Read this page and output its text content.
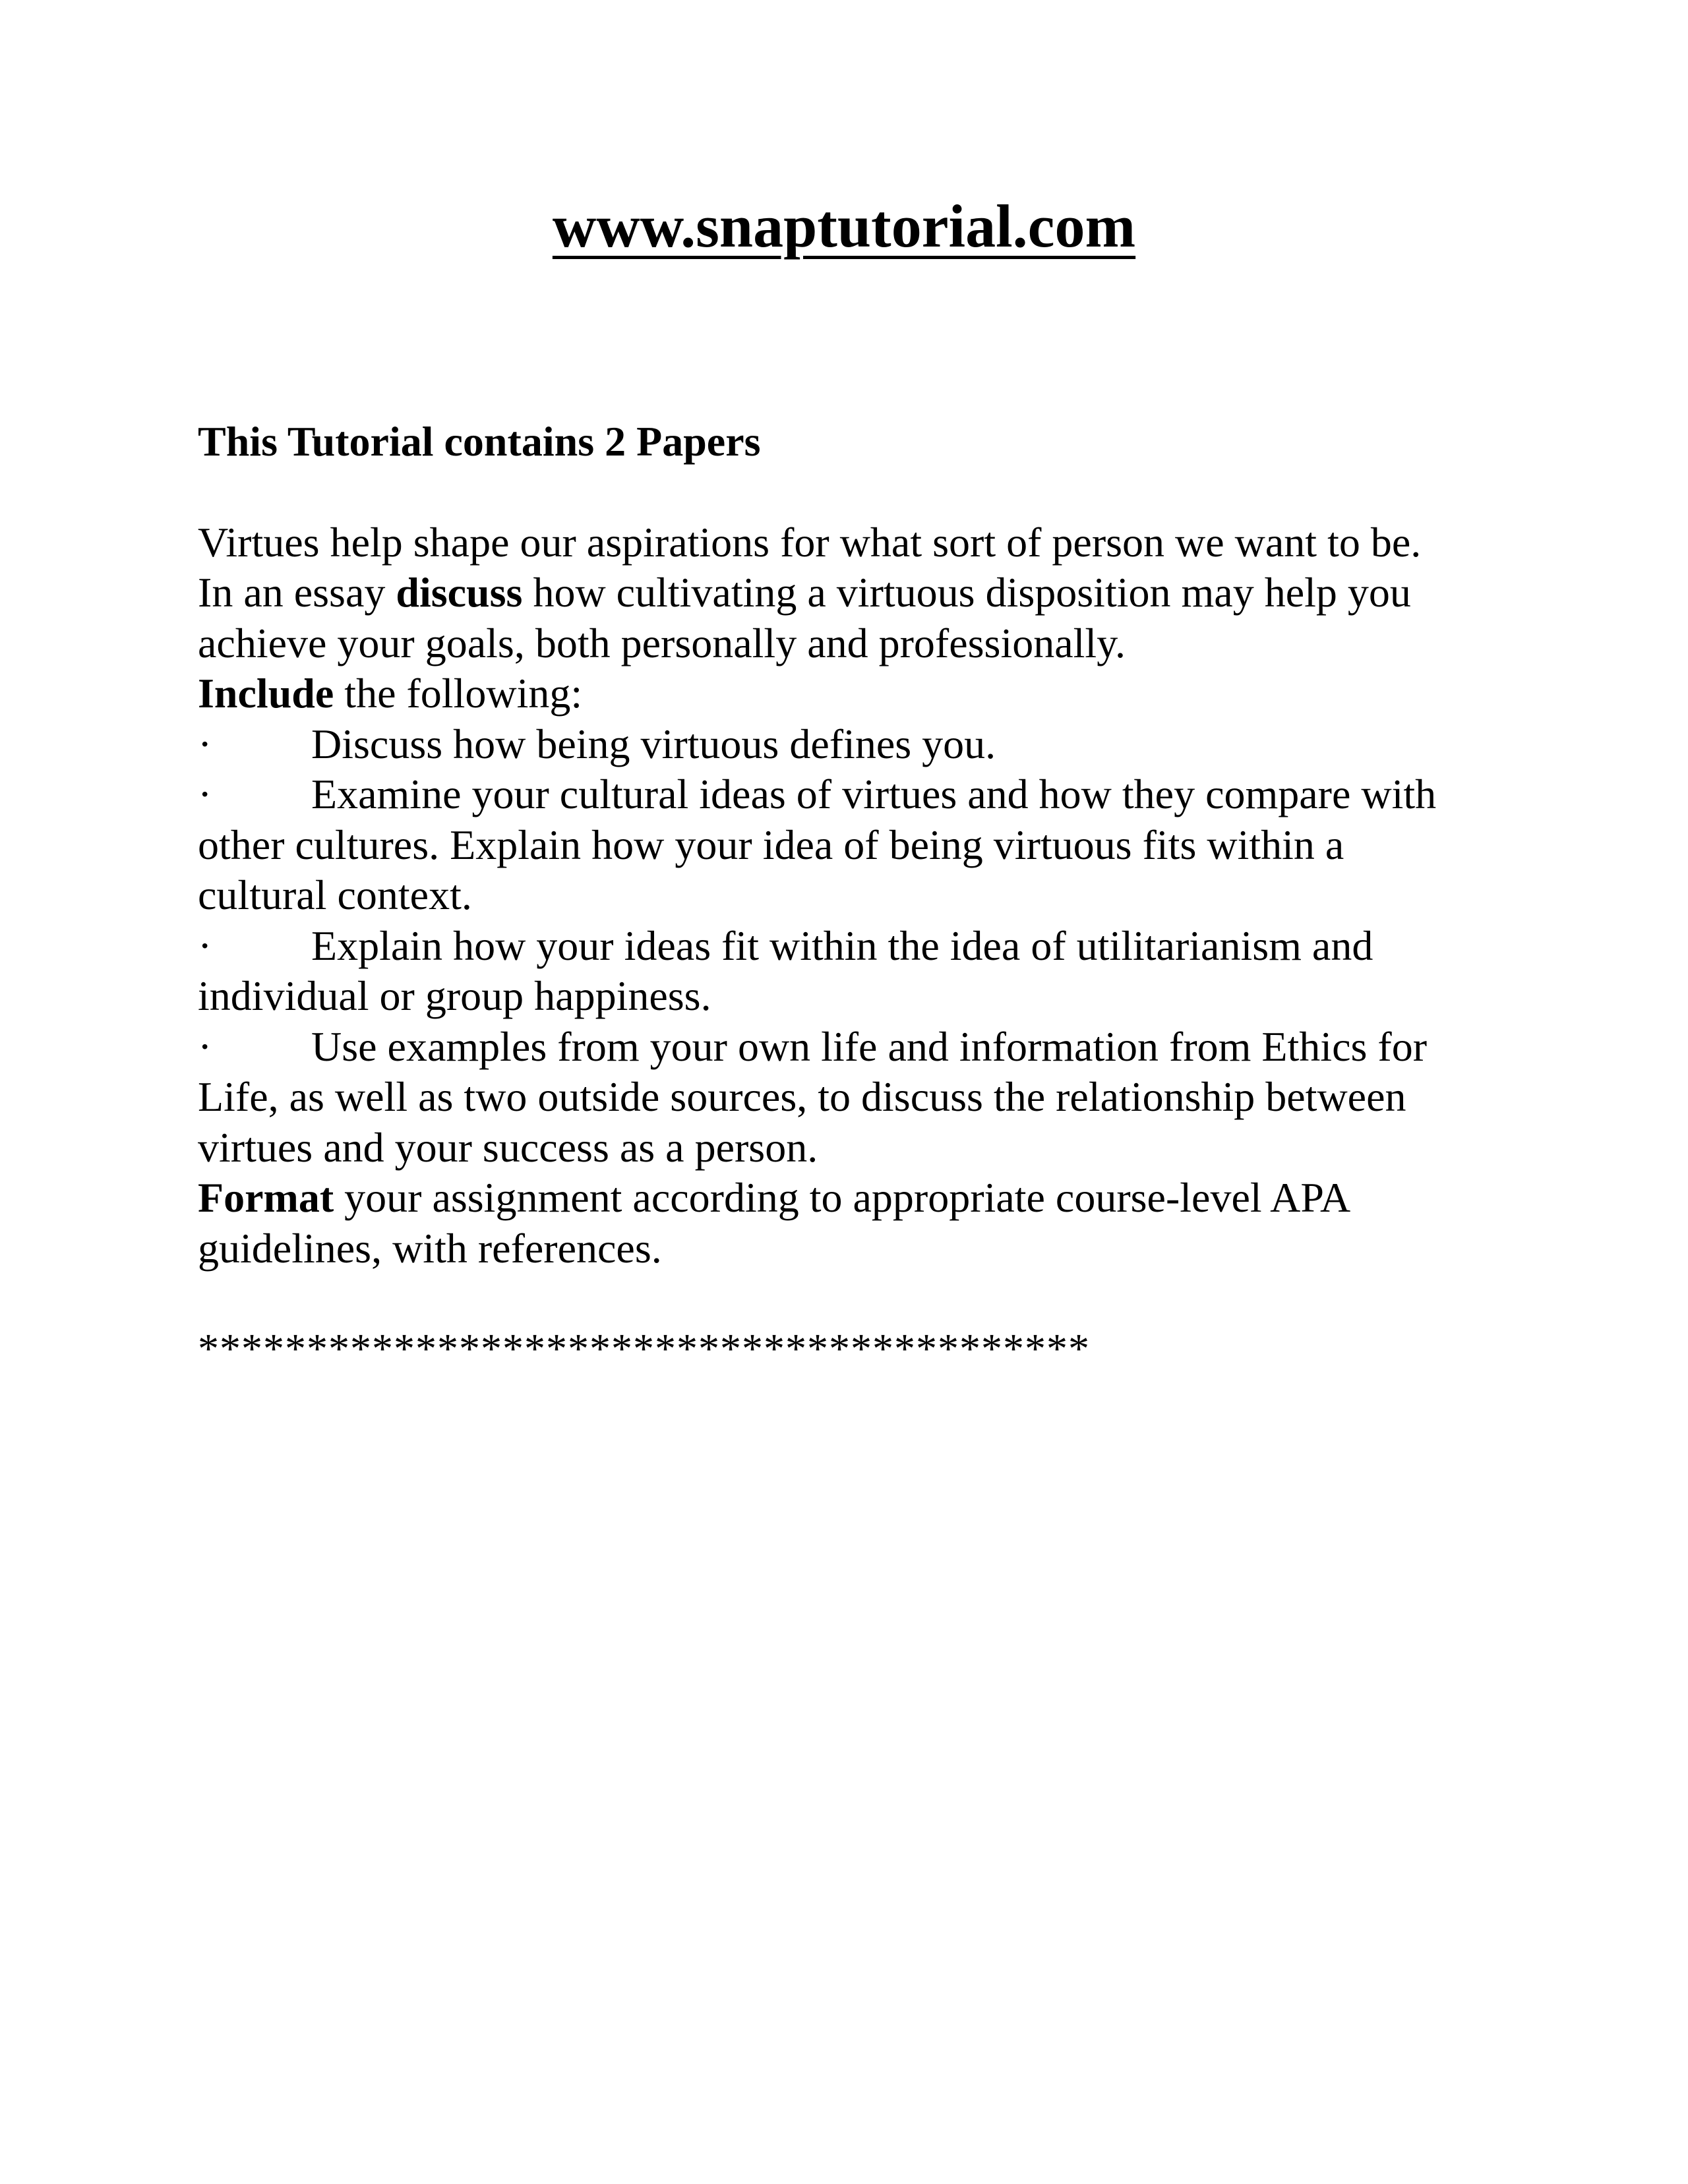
www.snaptutorial.com

This Tutorial contains 2 Papers

Virtues help shape our aspirations for what sort of person we want to be.
In an essay discuss how cultivating a virtuous disposition may help you
achieve your goals, both personally and professionally.

Include the following:

· Discuss how being virtuous defines you.
· Examine your cultural ideas of virtues and how they compare with
other cultures. Explain how your idea of being virtuous fits within a
cultural context.
· Explain how your ideas fit within the idea of utilitarianism and
individual or group happiness.
· Use examples from your own life and information from Ethics for
Life, as well as two outside sources, to discuss the relationship between
virtues and your success as a person.

Format your assignment according to appropriate course-level APA
guidelines, with references.

*****************************************
